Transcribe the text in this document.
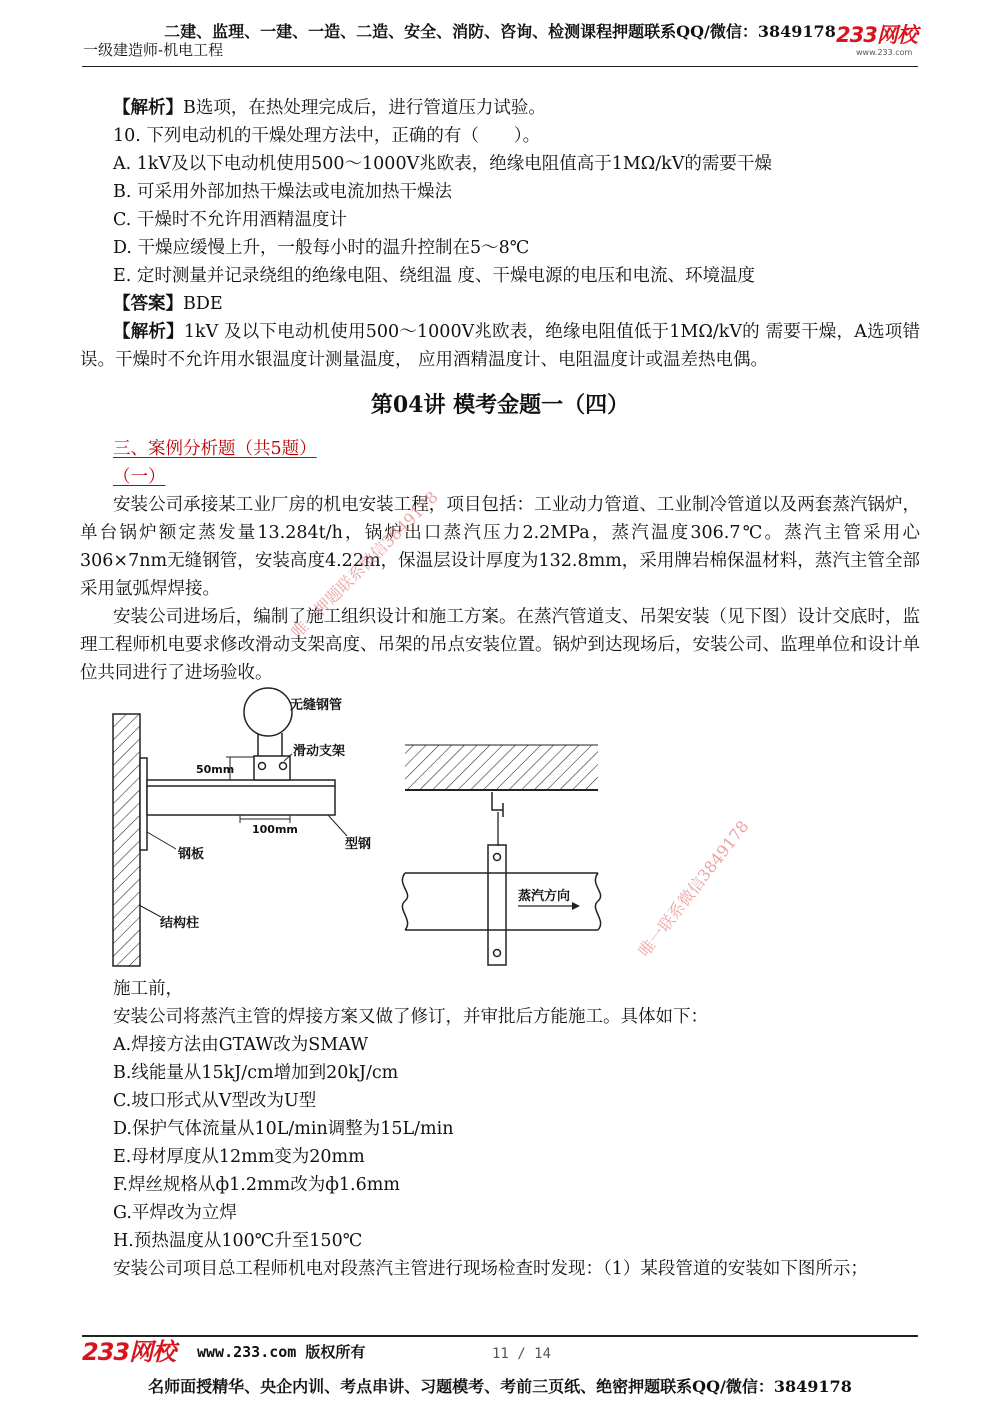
二建、监理、一建、一造、二造、安全、消防、咨询、检测课程押题联系QQ/微信：3849178
一级建造师-机电工程
233网校
www.233.com

【解析】B选项，在热处理完成后，进行管道压力试验。

10. 下列电动机的干燥处理方法中，正确的有（　　）。

A. 1kV及以下电动机使用500～1000V兆欧表，绝缘电阻值高于1MΩ/kV的需要干燥

B. 可采用外部加热干燥法或电流加热干燥法

C. 干燥时不允许用酒精温度计

D. 干燥应缓慢上升，一般每小时的温升控制在5～8℃

E. 定时测量并记录绕组的绝缘电阻、绕组温 度、干燥电源的电压和电流、环境温度

【答案】BDE

【解析】1kV 及以下电动机使用500～1000V兆欧表，绝缘电阻值低于1MΩ/kV的 需要干燥，A选项错误。干燥时不允许用水银温度计测量温度， 应用酒精温度计、电阻温度计或温差热电偶。

第04讲 模考金题一（四）

三、案例分析题（共5题）

（一）

安装公司承接某工业厂房的机电安装工程，项目包括：工业动力管道、工业制冷管道以及两套蒸汽锅炉，单台锅炉额定蒸发量13.284t/h，锅炉出口蒸汽压力2.2MPa，蒸汽温度306.7℃。蒸汽主管采用心306×7nm无缝钢管，安装高度4.22m，保温层设计厚度为132.8mm，采用牌岩棉保温材料，蒸汽主管全部采用氩弧焊焊接。

安装公司进场后，编制了施工组织设计和施工方案。在蒸汽管道支、吊架安装（见下图）设计交底时，监理工程师机电要求修改滑动支架高度、吊架的吊点安装位置。锅炉到达现场后，安装公司、监理单位和设计单位共同进行了进场验收。

无缝钢管
滑动支架
50mm
100mm
钢板
型钢
结构柱
蒸汽方向
唯一押题联系微信3849178
唯一联系微信3849178

施工前，

安装公司将蒸汽主管的焊接方案又做了修订，并审批后方能施工。具体如下：

A.焊接方法由GTAW改为SMAW

B.线能量从15kJ/cm增加到20kJ/cm

C.坡口形式从V型改为U型

D.保护气体流量从10L/min调整为15L/min

E.母材厚度从12mm变为20mm

F.焊丝规格从ф1.2mm改为ф1.6mm

G.平焊改为立焊

H.预热温度从100℃升至150℃

安装公司项目总工程师机电对段蒸汽主管进行现场检查时发现：（1）某段管道的安装如下图所示；

233网校 www.233.com 版权所有	11 / 14
名师面授精华、央企内训、考点串讲、习题模考、考前三页纸、绝密押题联系QQ/微信：3849178
